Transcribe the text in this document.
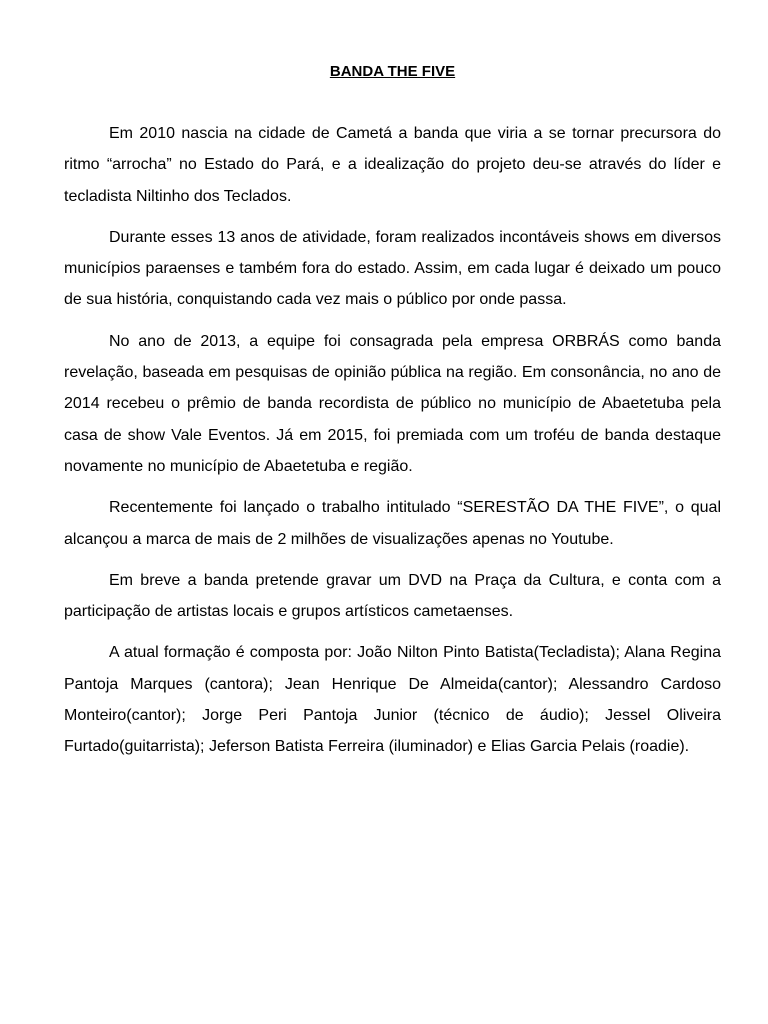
BANDA THE FIVE

Em 2010 nascia na cidade de Cametá a banda que viria a se tornar precursora do ritmo “arrocha” no Estado do Pará, e a idealização do projeto deu-se através do líder e tecladista Niltinho dos Teclados.

Durante esses 13 anos de atividade, foram realizados incontáveis shows em diversos municípios paraenses e também fora do estado. Assim, em cada lugar é deixado um pouco de sua história, conquistando cada vez mais o público por onde passa.

No ano de 2013, a equipe foi consagrada pela empresa ORBRÁS como banda revelação, baseada em pesquisas de opinião pública na região. Em consonância, no ano de 2014 recebeu o prêmio de banda recordista de público no município de Abaetetuba pela casa de show Vale Eventos. Já em 2015, foi premiada com um troféu de banda destaque novamente no município de Abaetetuba e região.

Recentemente foi lançado o trabalho intitulado “SERESTÃO DA THE FIVE”, o qual alcançou a marca de mais de 2 milhões de visualizações apenas no Youtube.

Em breve a banda pretende gravar um DVD na Praça da Cultura, e conta com a participação de artistas locais e grupos artísticos cametaenses.

A atual formação é composta por: João Nilton Pinto Batista(Tecladista); Alana Regina Pantoja Marques (cantora); Jean Henrique De Almeida(cantor); Alessandro Cardoso Monteiro(cantor); Jorge Peri Pantoja Junior (técnico de áudio); Jessel Oliveira Furtado(guitarrista); Jeferson Batista Ferreira (iluminador) e Elias Garcia Pelais (roadie).
